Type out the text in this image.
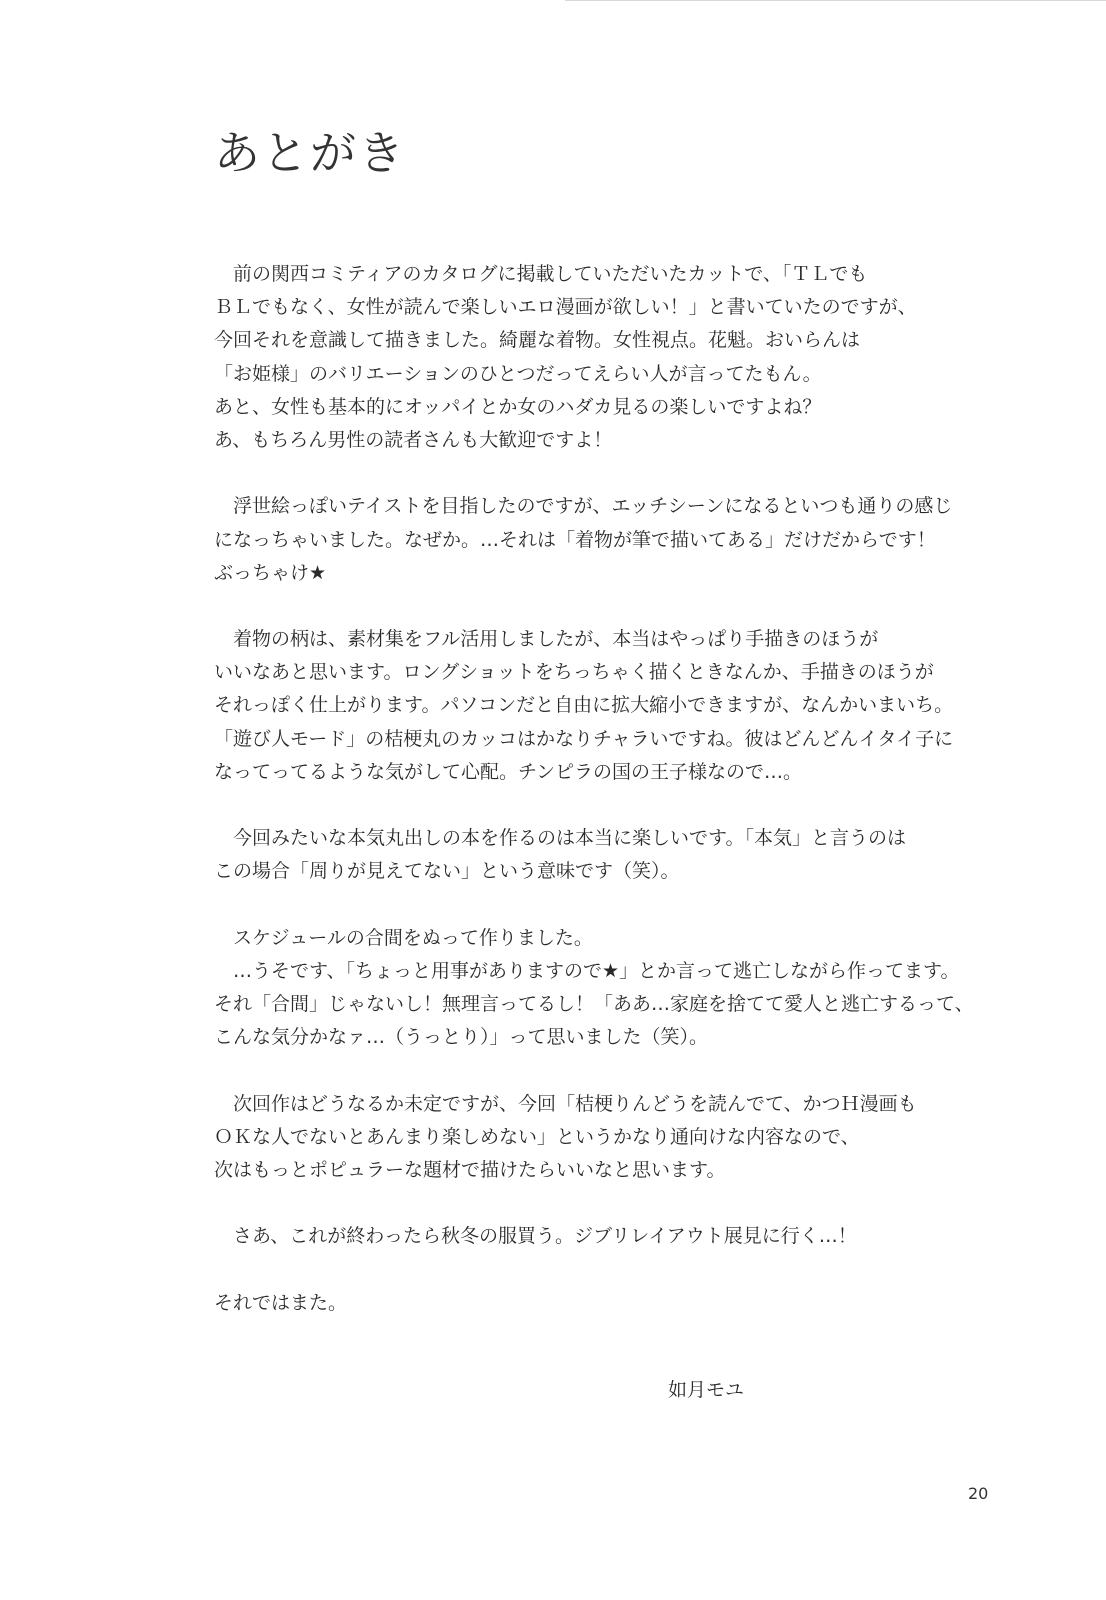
あとがき
　前の関西コミティアのカタログに掲載していただいたカットで、「ＴＬでも
ＢＬでもなく、女性が読んで楽しいエロ漫画が欲しい！」と書いていたのですが、
今回それを意識して描きました。綺麗な着物。女性視点。花魁。おいらんは
「お姫様」のバリエーションのひとつだってえらい人が言ってたもん。
あと、女性も基本的にオッパイとか女のハダカ見るの楽しいですよね？
あ、もちろん男性の読者さんも大歓迎ですよ！
　浮世絵っぽいテイストを目指したのですが、エッチシーンになるといつも通りの感じ
になっちゃいました。なぜか。…それは「着物が筆で描いてある」だけだからです！
ぶっちゃけ★
　着物の柄は、素材集をフル活用しましたが、本当はやっぱり手描きのほうが
いいなあと思います。ロングショットをちっちゃく描くときなんか、手描きのほうが
それっぽく仕上がります。パソコンだと自由に拡大縮小できますが、なんかいまいち。
「遊び人モード」の桔梗丸のカッコはかなりチャラいですね。彼はどんどんイタイ子に
なってってるような気がして心配。チンピラの国の王子様なので…。
　今回みたいな本気丸出しの本を作るのは本当に楽しいです。「本気」と言うのは
この場合「周りが見えてない」という意味です（笑）。
　スケジュールの合間をぬって作りました。
　…うそです、「ちょっと用事がありますので★」とか言って逃亡しながら作ってます。
それ「合間」じゃないし！無理言ってるし！「ああ…家庭を捨てて愛人と逃亡するって、
こんな気分かなァ…（うっとり）」って思いました（笑）。
　次回作はどうなるか未定ですが、今回「桔梗りんどうを読んでて、かつＨ漫画も
ＯＫな人でないとあんまり楽しめない」というかなり通向けな内容なので、
次はもっとポピュラーな題材で描けたらいいなと思います。
　さあ、これが終わったら秋冬の服買う。ジブリレイアウト展見に行く…！
それではまた。
如月モユ
20
